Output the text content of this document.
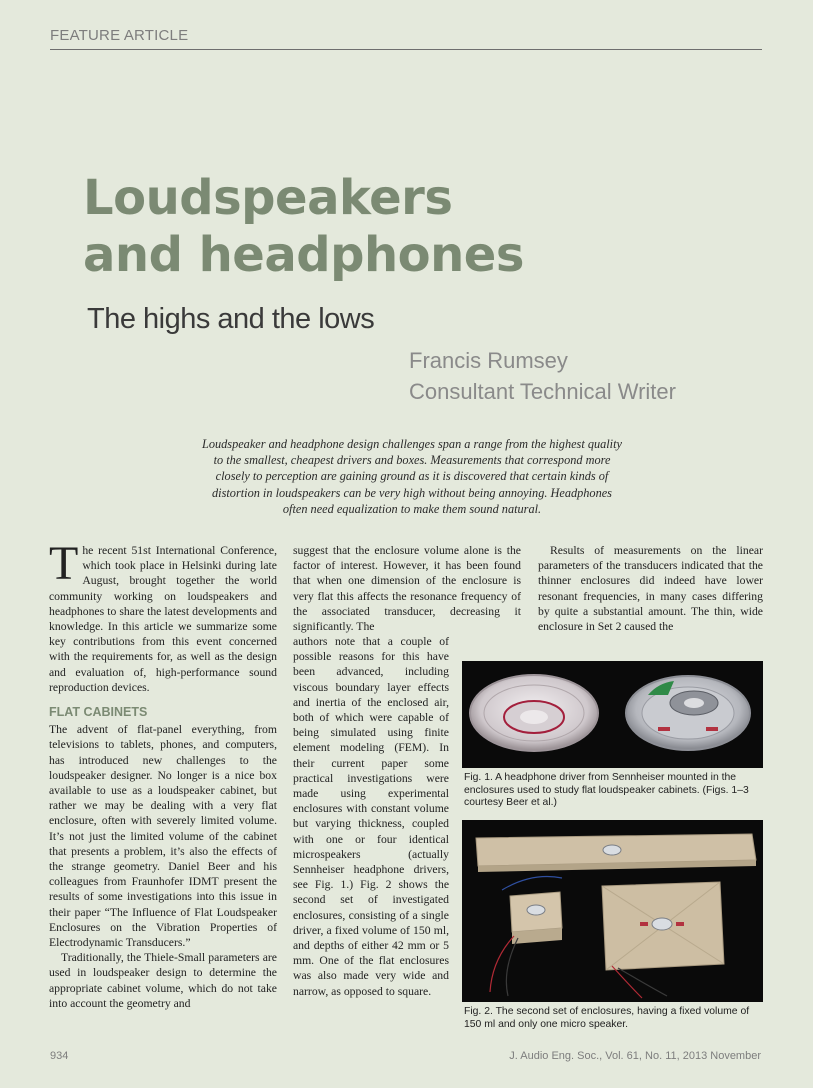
FEATURE ARTICLE
Loudspeakers
and headphones
The highs and the lows
Francis Rumsey
Consultant Technical Writer
Loudspeaker and headphone design challenges span a range from the highest quality to the smallest, cheapest drivers and boxes. Measurements that correspond more closely to perception are gaining ground as it is discovered that certain kinds of distortion in loudspeakers can be very high without being annoying. Headphones often need equalization to make them sound natural.

The recent 51st International Conference, which took place in Helsinki during late August, brought together the world community working on loudspeakers and headphones to share the latest developments and knowledge. In this article we summarize some key contributions from this event concerned with the requirements for, as well as the design and evaluation of, high-performance sound reproduction devices.

FLAT CABINETS

The advent of flat-panel everything, from televisions to tablets, phones, and computers, has introduced new challenges to the loudspeaker designer. No longer is a nice box available to use as a loudspeaker cabinet, but rather we may be dealing with a very flat enclosure, often with severely limited volume. It’s not just the limited volume of the cabinet that presents a problem, it’s also the effects of the strange geometry. Daniel Beer and his colleagues from Fraunhofer IDMT present the results of some investigations into this issue in their paper “The Influence of Flat Loudspeaker Enclosures on the Vibration Properties of Electrodynamic Transducers.”

Traditionally, the Thiele-Small parameters are used in loudspeaker design to determine the appropriate cabinet volume, which do not take into account the geometry and

suggest that the enclosure volume alone is the factor of interest. However, it has been found that when one dimension of the enclosure is very flat this affects the resonance frequency of the associated transducer, decreasing it significantly. The
authors note that a couple of possible reasons for this have been advanced, including viscous boundary layer effects and inertia of the enclosed air, both of which were capable of being simulated using finite element modeling (FEM). In their current paper some practical investigations were made using experimental enclosures with constant volume but varying thickness, coupled with one or four identical microspeakers (actually Sennheiser headphone drivers, see Fig. 1.) Fig. 2 shows the second set of investigated enclosures, consisting of a single driver, a fixed volume of 150 ml, and depths of either 42 mm or 5 mm. One of the flat enclosures was also made very wide and narrow, as opposed to square.

Results of measurements on the linear parameters of the transducers indicated that the thinner enclosures did indeed have lower resonant frequencies, in many cases differing by quite a substantial amount. The thin, wide enclosure in Set 2 caused the

Fig. 1. A headphone driver from Sennheiser mounted in the enclosures used to study flat loudspeaker cabinets. (Figs. 1–3 courtesy Beer et al.)
Fig. 2. The second set of enclosures, having a fixed volume of 150 ml and only one micro speaker.
934	J. Audio Eng. Soc., Vol. 61, No. 11, 2013 November
